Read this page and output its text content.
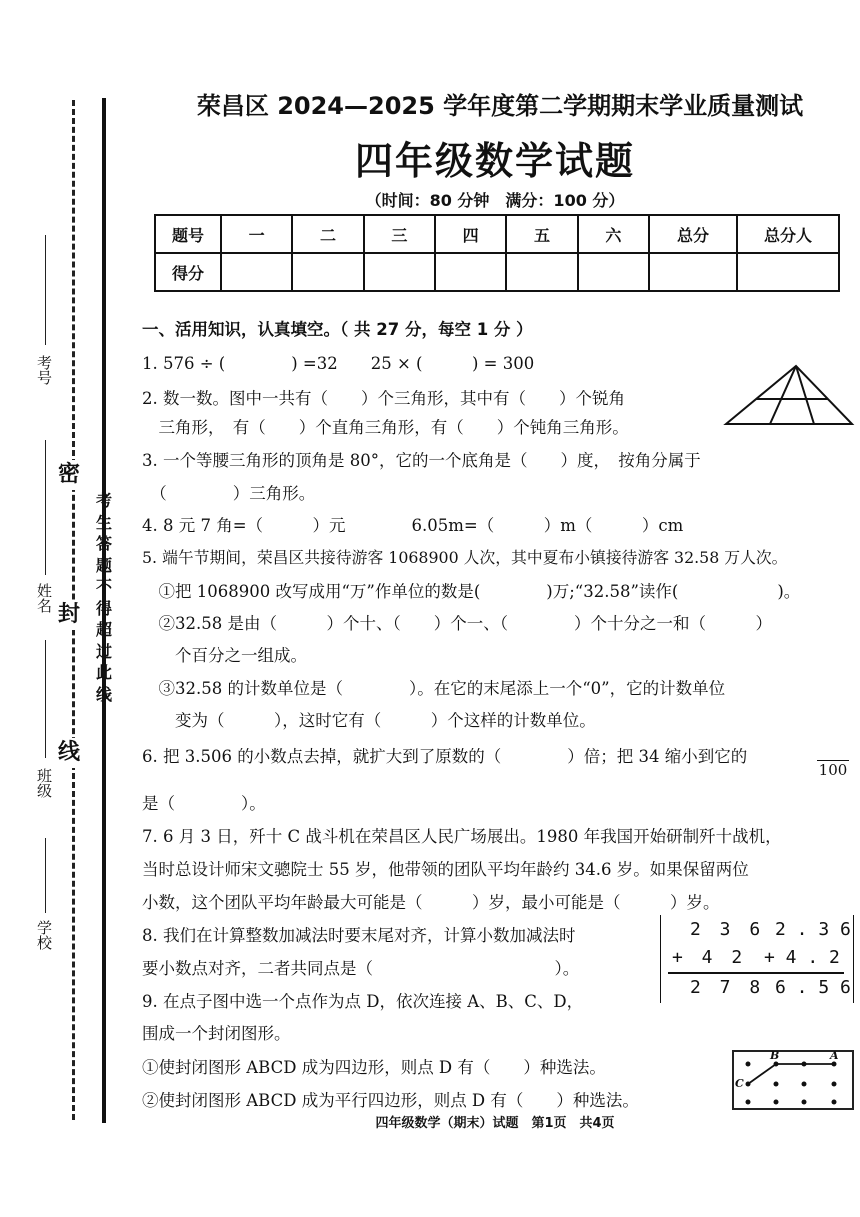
考号
姓名
班级
学校
密
封
线
考生答题不得超过此线
荣昌区 2024—2025 学年度第二学期期末学业质量测试
四年级数学试题
（时间：80 分钟　满分：100 分）
题号	一	二	三	四	五	六	总分	总分人
得分								
一、活用知识，认真填空。（ 共 27 分，每空 1 分 ）
1. 576 ÷ (　　　　) =32　　25 × (　　　) = 300
2. 数一数。图中一共有（　　）个三角形，其中有（　　）个锐角
　三角形，　有（　　）个直角三角形，有（　　）个钝角三角形。
3. 一个等腰三角形的顶角是 80°，它的一个底角是（　　）度，　按角分属于
　（　　　　）三角形。
4. 8 元 7 角=（　　　）元　　　　6.05m=（　　　）m（　　　）cm
5. 端午节期间，荣昌区共接待游客 1068900 人次，其中夏布小镇接待游客 32.58 万人次。
　①把 1068900 改写成用“万”作单位的数是(　　　　)万;“32.58”读作(　　　　　　)。
　②32.58 是由（　　　）个十、（　　）个一、（　　　　）个十分之一和（　　　）
　　个百分之一组成。
　③32.58 的计数单位是（　　　　）。在它的末尾添上一个“0”，它的计数单位
　　变为（　　　），这时它有（　　　）个这样的计数单位。
6. 把 3.506 的小数点去掉，就扩大到了原数的（　　　　）倍；把 34 缩小到它的
100
是（　　　　）。
7. 6 月 3 日，歼十 C 战斗机在荣昌区人民广场展出。1980 年我国开始研制歼十战机，
当时总设计师宋文骢院士 55 岁，他带领的团队平均年龄约 34.6 岁。如果保留两位
小数，这个团队平均年龄最大可能是（　　　）岁，最小可能是（　　　）岁。
8. 我们在计算整数加减法时要末尾对齐，计算小数加减法时
要小数点对齐，二者共同点是（　　　　　　　　　　　）。
9. 在点子图中选一个点作为点 D，依次连接 A、B、C、D，
围成一个封闭图形。
①使封闭图形 ABCD 成为四边形，则点 D 有（　　）种选法。
②使封闭图形 ABCD 成为平行四边形，则点 D 有（　　）种选法。
2 3 6
+ 4 2
2 7 8
2 . 3 6
+ 4 . 2
6 . 5 6
B	A
C
四年级数学（期末）试题　第1页　共4页
